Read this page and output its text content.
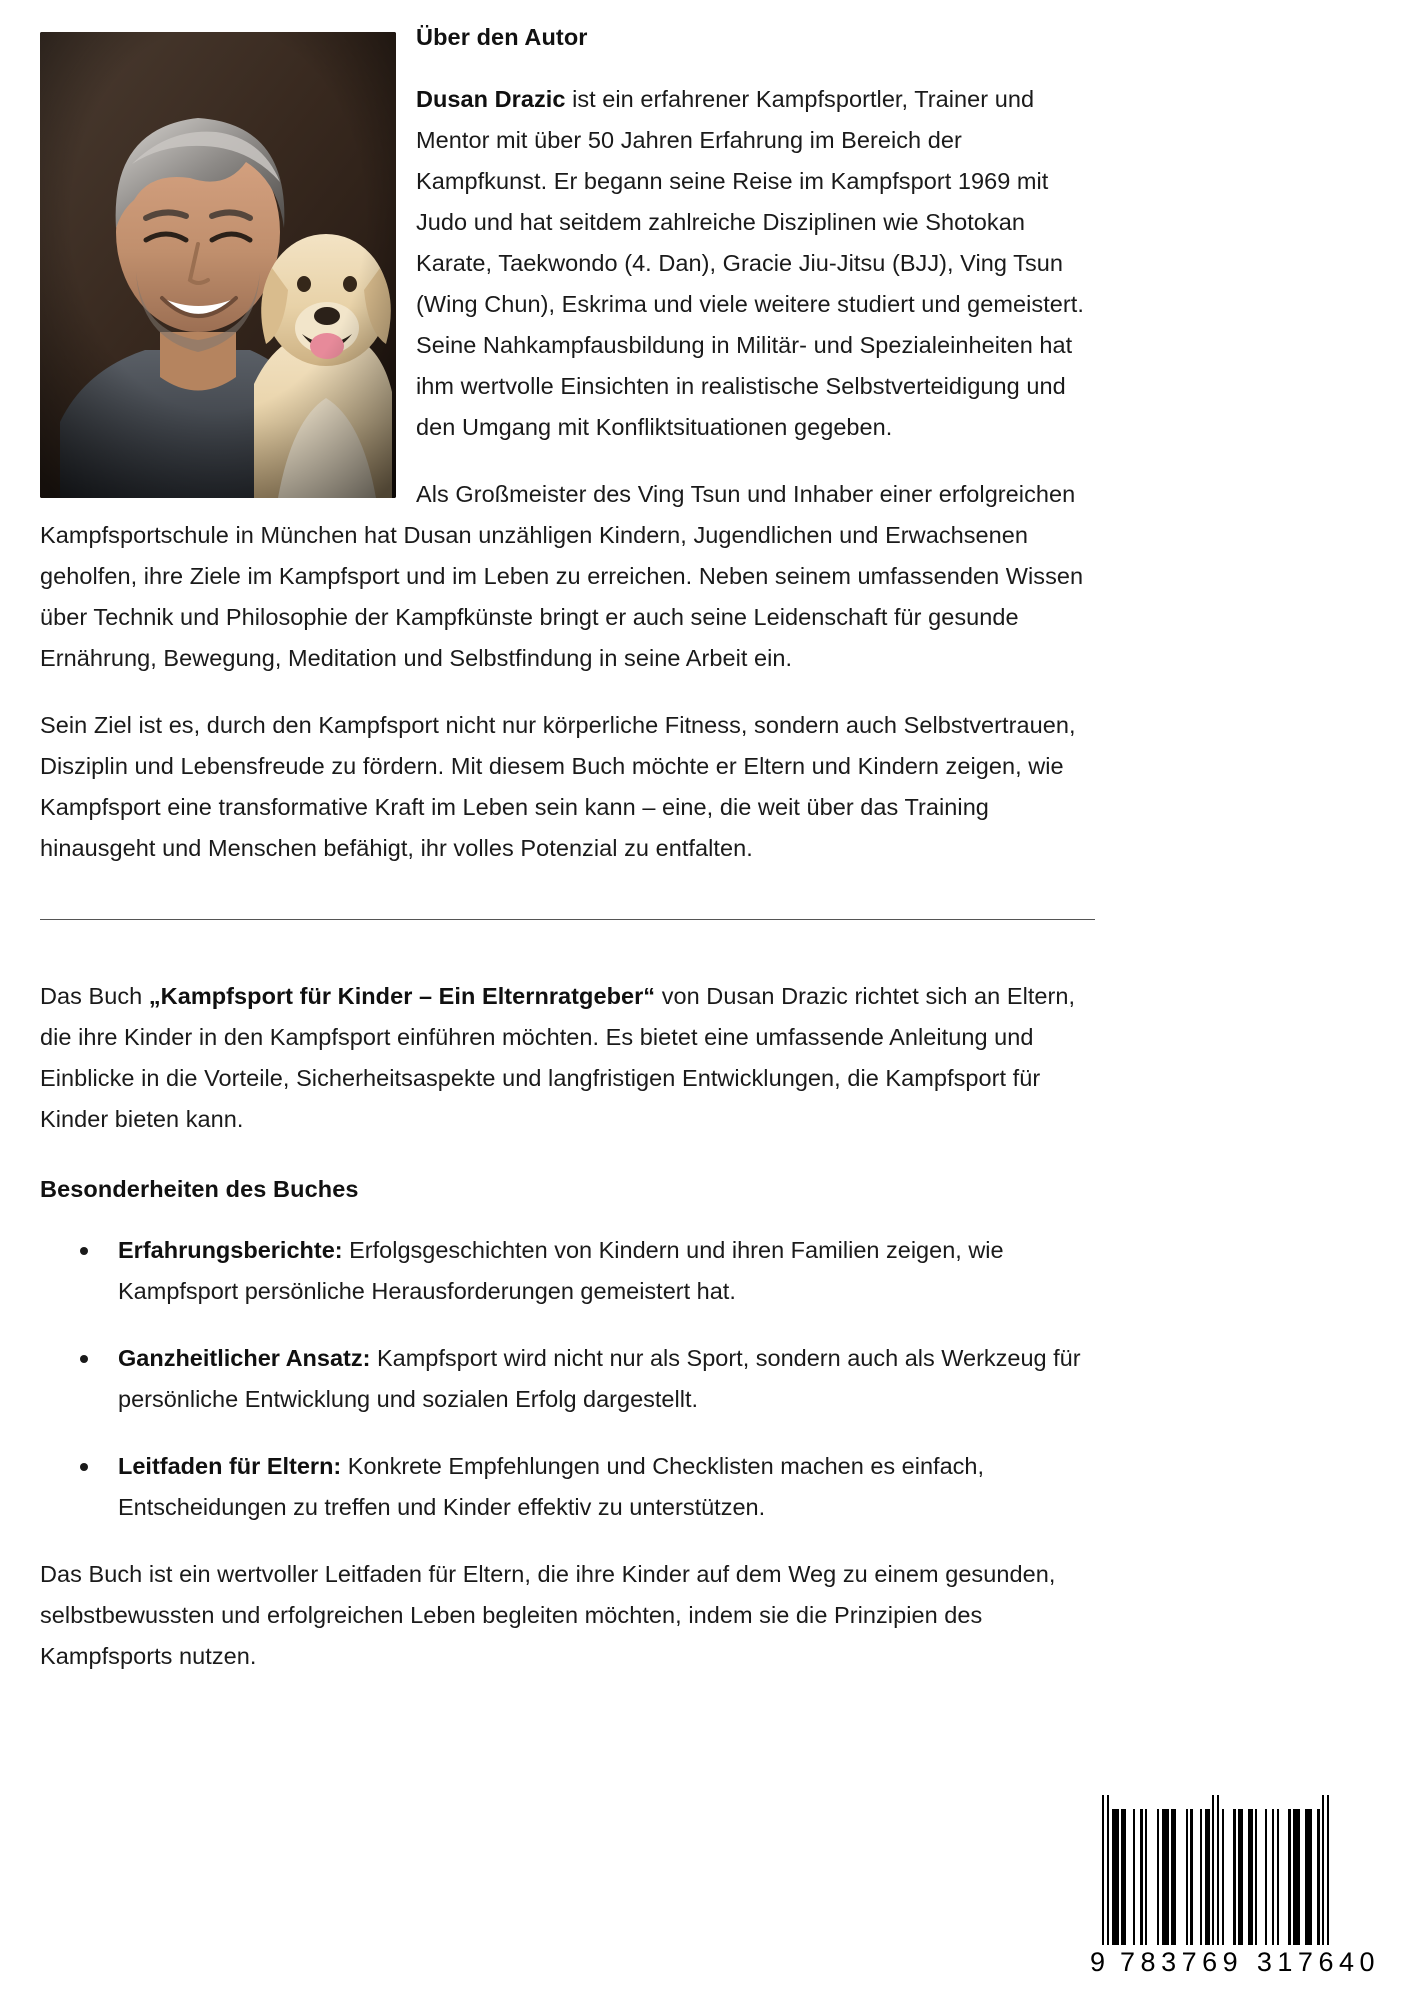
Über den Autor

Dusan Drazic ist ein erfahrener Kampfsportler, Trainer und Mentor mit über 50 Jahren Erfahrung im Bereich der Kampfkunst. Er begann seine Reise im Kampfsport 1969 mit Judo und hat seitdem zahlreiche Disziplinen wie Shotokan Karate, Taekwondo (4. Dan), Gracie Jiu-Jitsu (BJJ), Ving Tsun (Wing Chun), Eskrima und viele weitere studiert und gemeistert. Seine Nahkampfausbildung in Militär- und Spezialeinheiten hat ihm wertvolle Einsichten in realistische Selbstverteidigung und den Umgang mit Konfliktsituationen gegeben.

Als Großmeister des Ving Tsun und Inhaber einer erfolgreichen Kampfsportschule in München hat Dusan unzähligen Kindern, Jugendlichen und Erwachsenen geholfen, ihre Ziele im Kampfsport und im Leben zu erreichen. Neben seinem umfassenden Wissen über Technik und Philosophie der Kampfkünste bringt er auch seine Leidenschaft für gesunde Ernährung, Bewegung, Meditation und Selbstfindung in seine Arbeit ein.

Sein Ziel ist es, durch den Kampfsport nicht nur körperliche Fitness, sondern auch Selbstvertrauen, Disziplin und Lebensfreude zu fördern. Mit diesem Buch möchte er Eltern und Kindern zeigen, wie Kampfsport eine transformative Kraft im Leben sein kann – eine, die weit über das Training hinausgeht und Menschen befähigt, ihr volles Potenzial zu entfalten.

Das Buch „Kampfsport für Kinder – Ein Elternratgeber“ von Dusan Drazic richtet sich an Eltern, die ihre Kinder in den Kampfsport einführen möchten. Es bietet eine umfassende Anleitung und Einblicke in die Vorteile, Sicherheitsaspekte und langfristigen Entwicklungen, die Kampfsport für Kinder bieten kann.

Besonderheiten des Buches
Erfahrungsberichte: Erfolgsgeschichten von Kindern und ihren Familien zeigen, wie Kampfsport persönliche Herausforderungen gemeistert hat.
Ganzheitlicher Ansatz: Kampfsport wird nicht nur als Sport, sondern auch als Werkzeug für persönliche Entwicklung und sozialen Erfolg dargestellt.
Leitfaden für Eltern: Konkrete Empfehlungen und Checklisten machen es einfach, Entscheidungen zu treffen und Kinder effektiv zu unterstützen.

Das Buch ist ein wertvoller Leitfaden für Eltern, die ihre Kinder auf dem Weg zu einem gesunden, selbstbewussten und erfolgreichen Leben begleiten möchten, indem sie die Prinzipien des Kampfsports nutzen.

9 783769 317640
